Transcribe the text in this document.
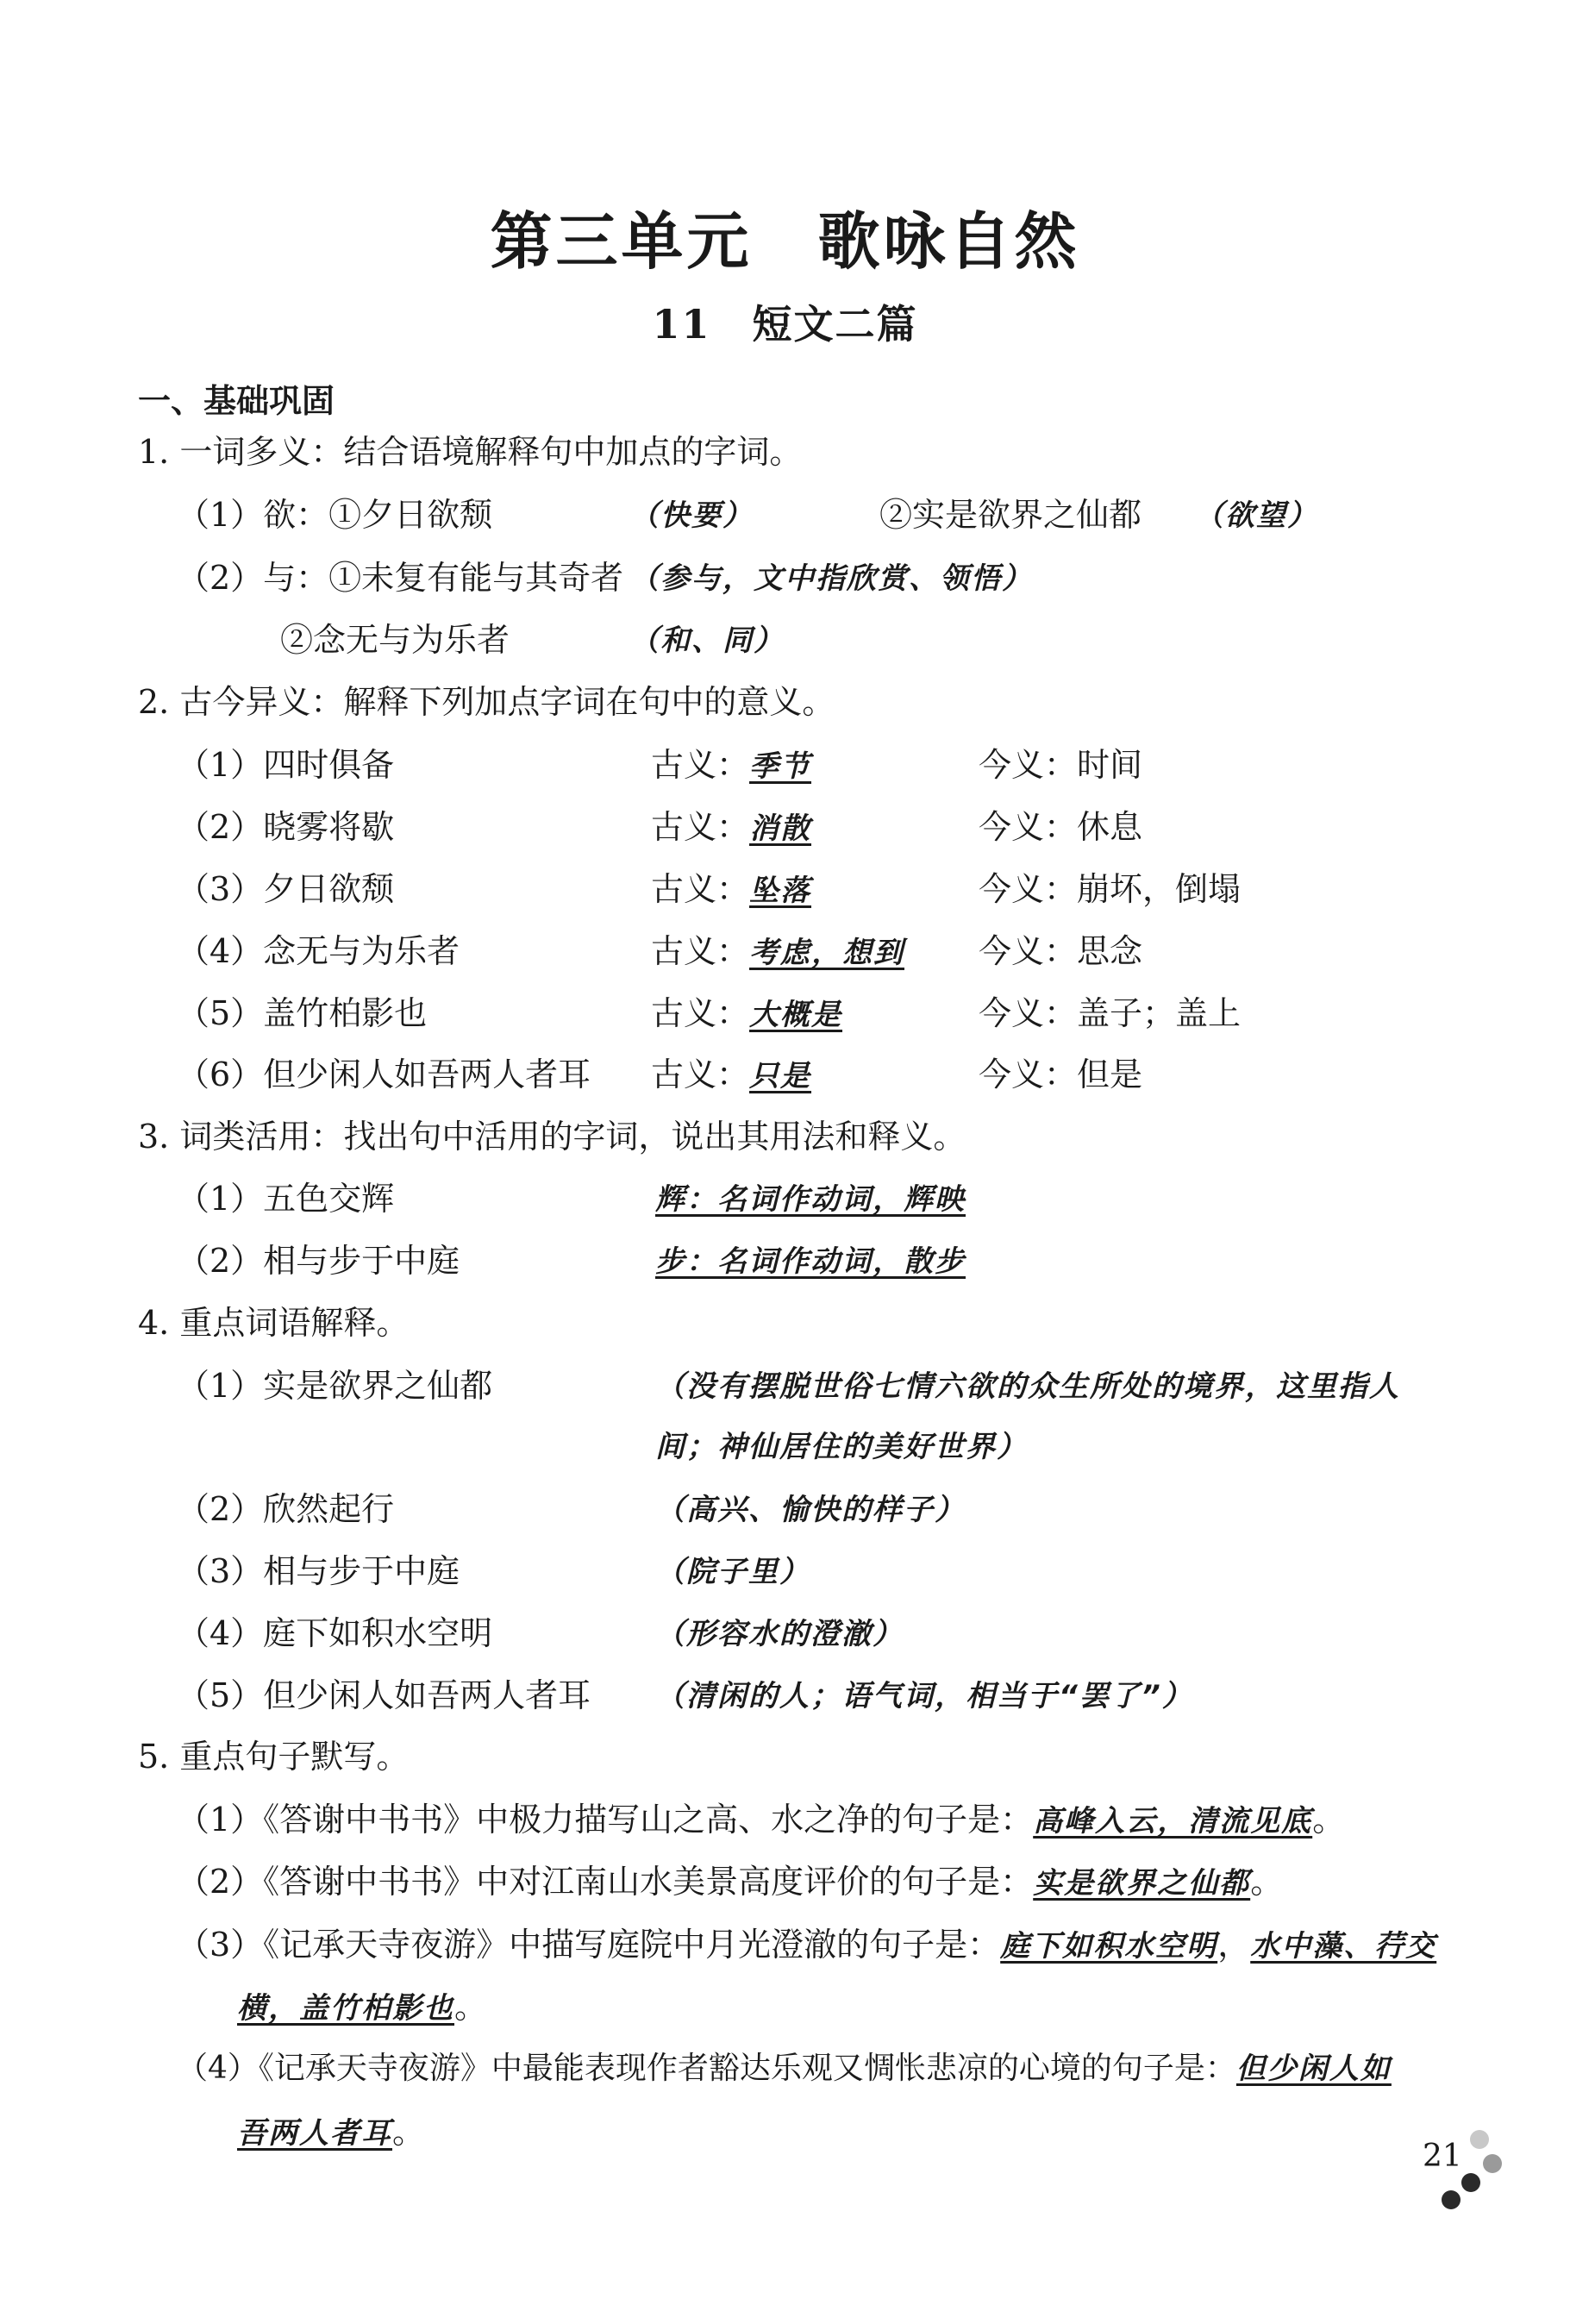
第三单元　歌咏自然
11　短文二篇
一、基础巩固
1. 一词多义：结合语境解释句中加点的字词。
（1）欲：①夕日欲颓	（快要）	②实是欲界之仙都 （欲望）
（2）与：①未复有能与其奇者 （参与，文中指欣赏、领悟）
②念无与为乐者	（和、同）
2. 古今异义：解释下列加点字词在句中的意义。
（1）四时俱备	古义：季节	今义：时间
（2）晓雾将歇	古义：消散	今义：休息
（3）夕日欲颓	古义：坠落	今义：崩坏，倒塌
（4）念无与为乐者	古义：考虑，想到 今义：思念
（5）盖竹柏影也	古义：大概是	今义：盖子；盖上
（6）但少闲人如吾两人者耳 古义：只是	今义：但是
3. 词类活用：找出句中活用的字词，说出其用法和释义。
（1）五色交辉	辉：名词作动词，辉映
（2）相与步于中庭	步：名词作动词，散步
4. 重点词语解释。
（1）实是欲界之仙都	（没有摆脱世俗七情六欲的众生所处的境界，这里指人
间；神仙居住的美好世界）
（2）欣然起行	（高兴、愉快的样子）
（3）相与步于中庭	（院子里）
（4）庭下如积水空明	（形容水的澄澈）
（5）但少闲人如吾两人者耳 （清闲的人；语气词，相当于“罢了”）
5. 重点句子默写。
（1）《答谢中书书》中极力描写山之高、水之净的句子是：高峰入云，清流见底。
（2）《答谢中书书》中对江南山水美景高度评价的句子是：实是欲界之仙都。
（3）《记承天寺夜游》中描写庭院中月光澄澈的句子是：庭下如积水空明，水中藻、荇交
横，盖竹柏影也。
（4）《记承天寺夜游》中最能表现作者豁达乐观又惆怅悲凉的心境的句子是：但少闲人如
吾两人者耳。
21
